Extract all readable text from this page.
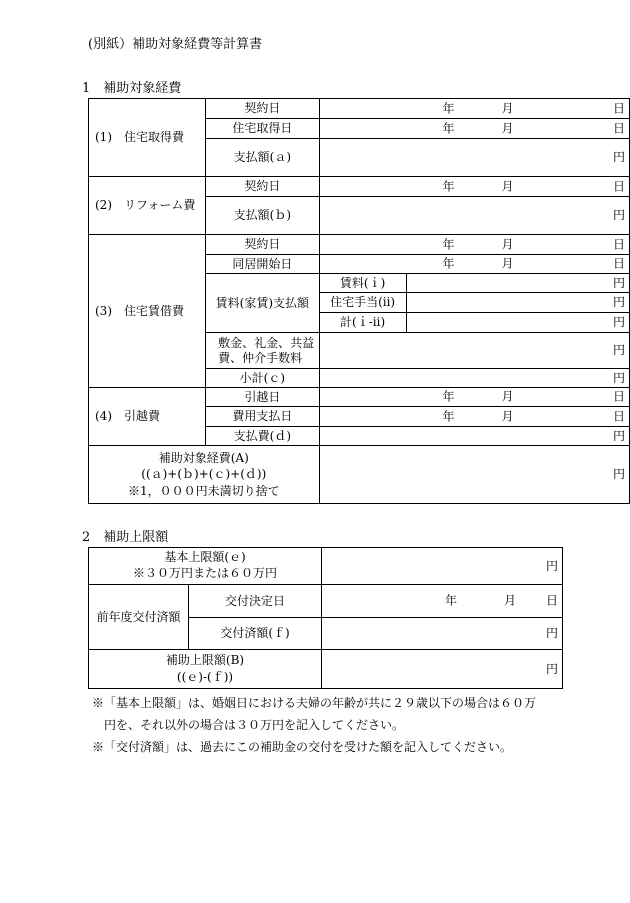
(別紙）補助対象経費等計算書
1　補助対象経費
(1)　住宅取得費	契約日	年 月 日	

	住宅取得日	年 月 日	

	支払額(ａ)	円	
(2)　リフォーム費	契約日	年 月 日	

	支払額(ｂ)	円	
(3)　住宅賃借費	契約日	年 月 日	

	同居開始日	年 月 日	

	賃料(家賃)支払額	賃料(ｉ)	円
		住宅手当(ⅱ)	円
		計(ｉ-ⅱ)	円
	敷金、礼金、共益費、仲介手数料	円	
	小計(ｃ)	円	
(4)　引越費	引越日	年 月 日	

	費用支払日	年 月 日	

	支払費(ｄ)	円	

補助対象経費(A)
((ａ)+(ｂ)+(ｃ)+(ｄ))
※1，０００円未満切り捨て		円	
2　補助上限額
基本上限額(ｅ)
※３０万円または６０万円		円
前年度交付済額	交付決定日	年 月 日

	交付済額(ｆ)	円

補助上限額(B)
((ｅ)-(ｆ))		円
※「基本上限額」は、婚姻日における夫婦の年齢が共に２９歳以下の場合は６０万
円を、それ以外の場合は３０万円を記入してください。
※「交付済額」は、過去にこの補助金の交付を受けた額を記入してください。
